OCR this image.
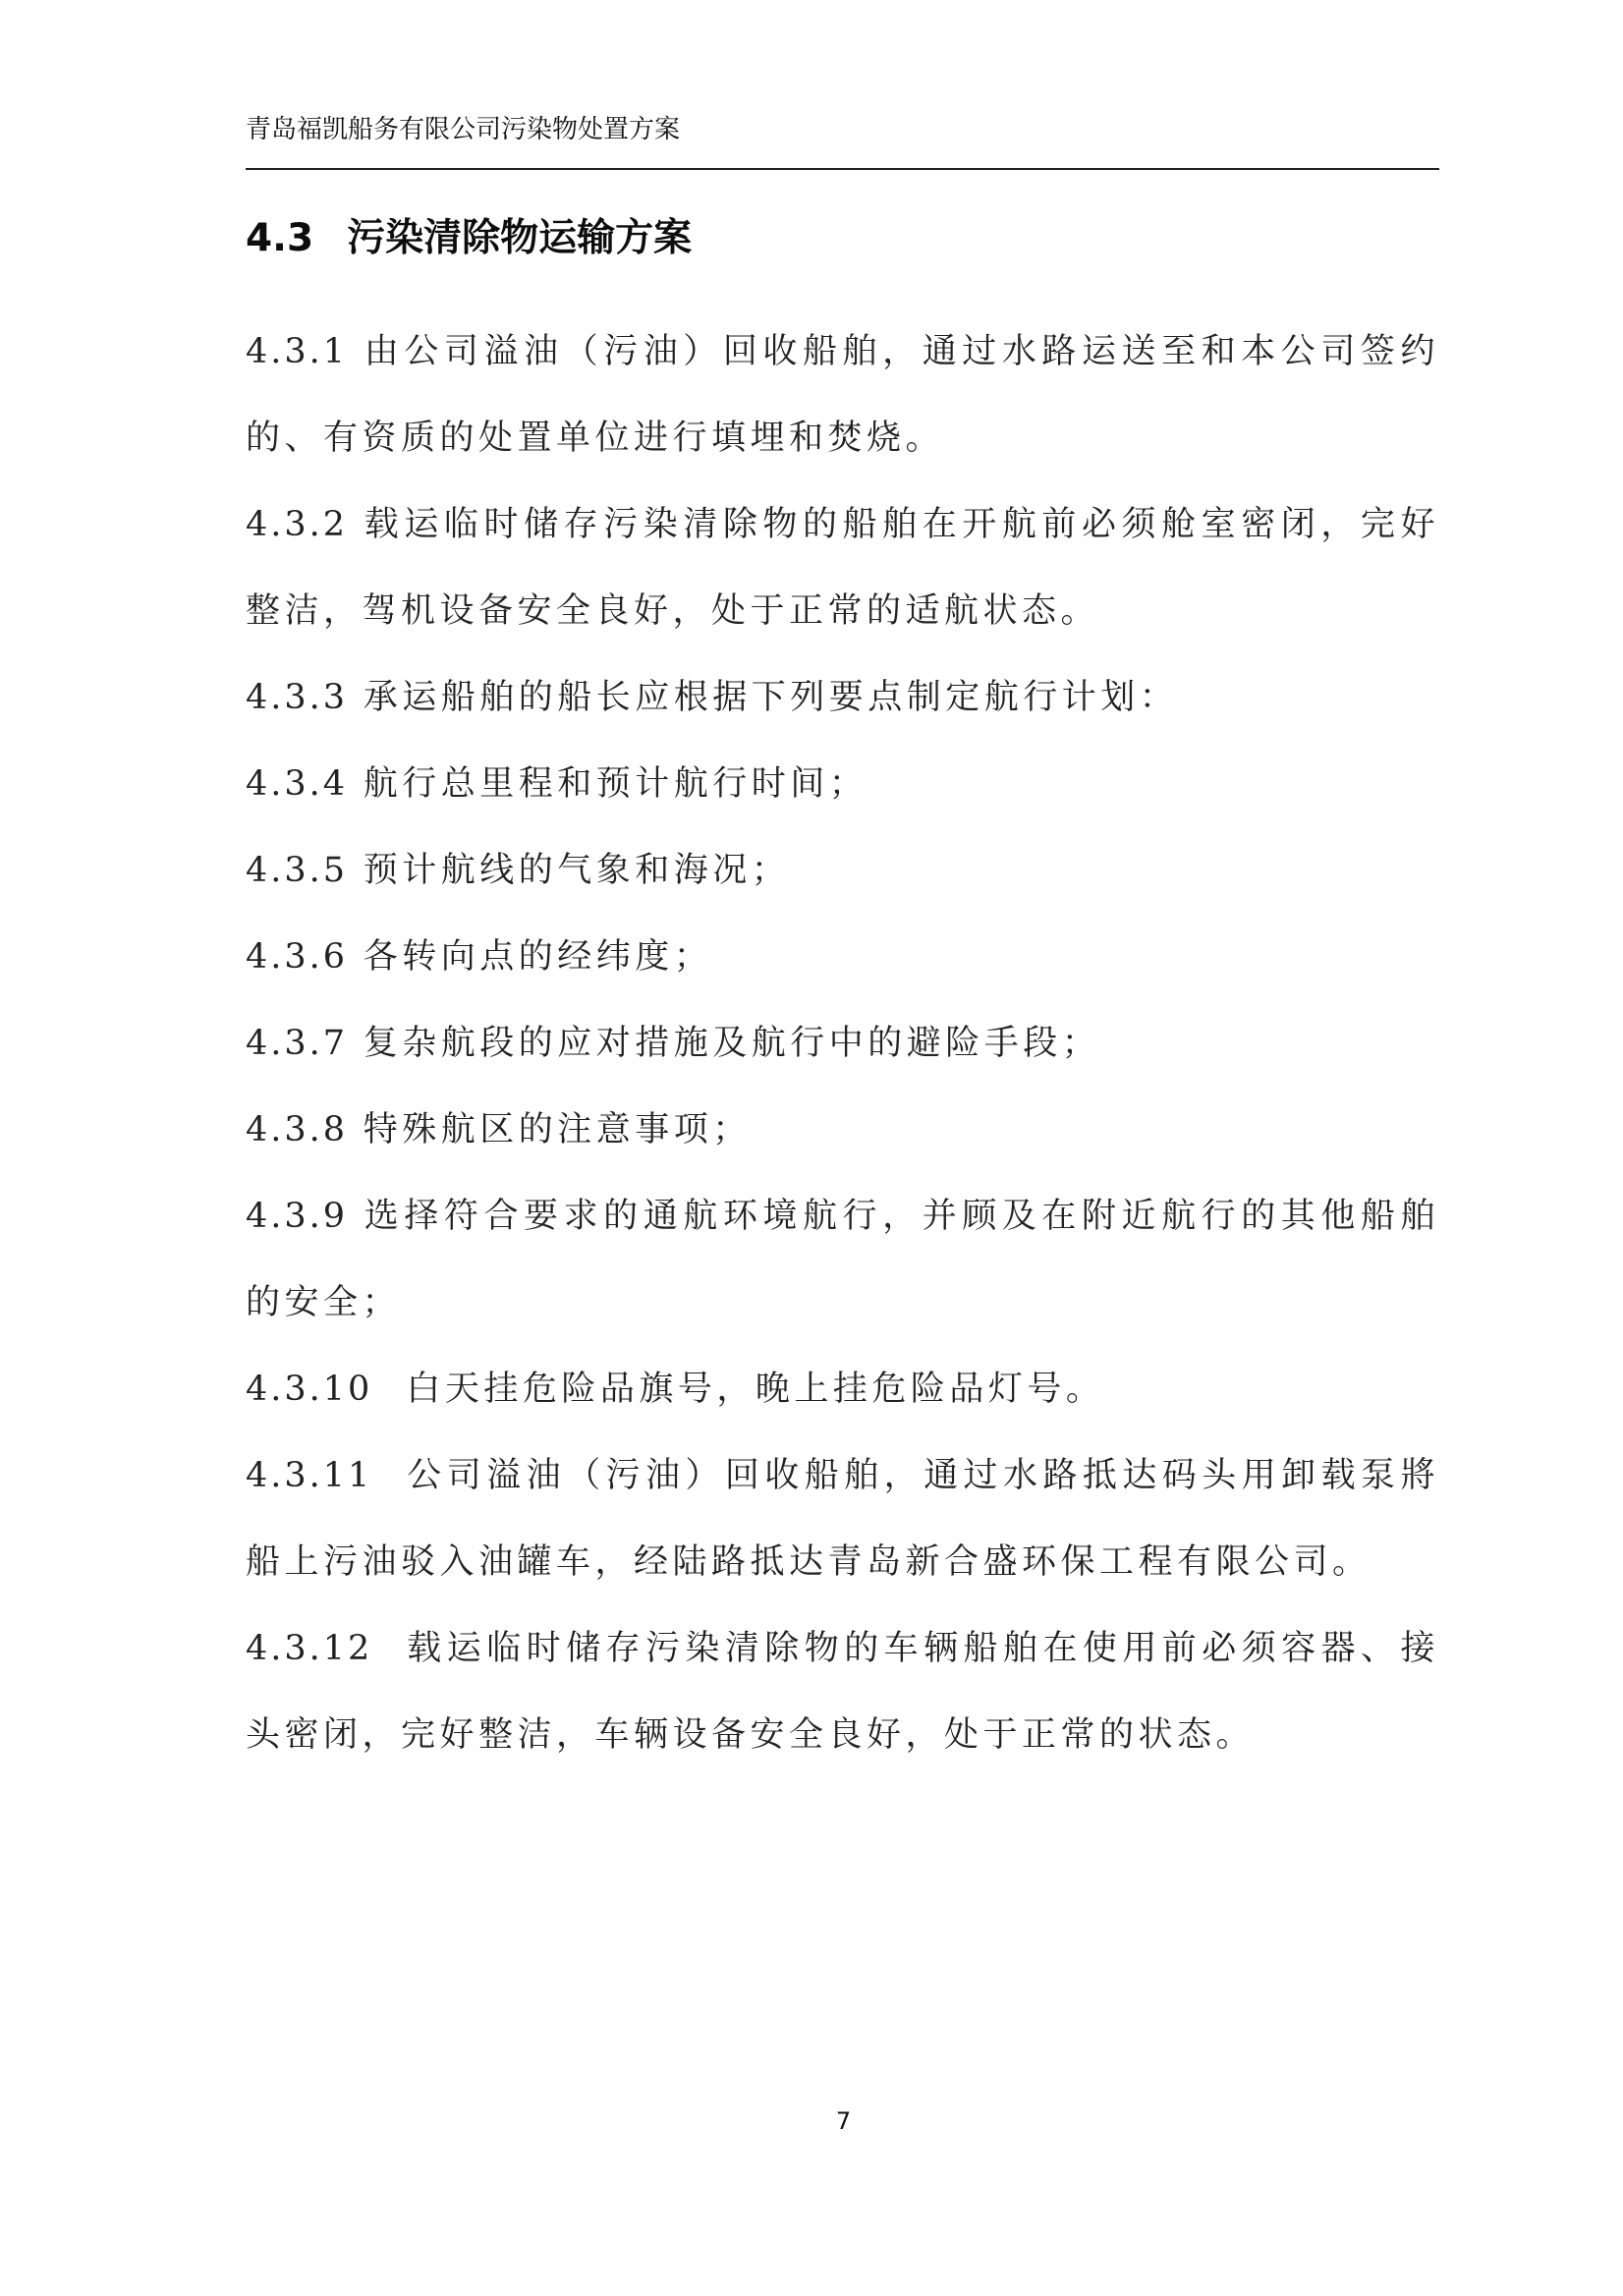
青岛福凯船务有限公司污染物处置方案
4.3 污染清除物运输方案

4.3.1 由公司溢油（污油）回收船舶，通过水路运送至和本公司签约的、有资质的处置单位进行填埋和焚烧。

4.3.2 载运临时储存污染清除物的船舶在开航前必须舱室密闭，完好整洁，驾机设备安全良好，处于正常的适航状态。

4.3.3 承运船舶的船长应根据下列要点制定航行计划：

4.3.4 航行总里程和预计航行时间；

4.3.5 预计航线的气象和海况；

4.3.6 各转向点的经纬度；

4.3.7 复杂航段的应对措施及航行中的避险手段；

4.3.8 特殊航区的注意事项；

4.3.9 选择符合要求的通航环境航行，并顾及在附近航行的其他船舶的安全；

4.3.10 白天挂危险品旗号，晚上挂危险品灯号。

4.3.11 公司溢油（污油）回收船舶，通过水路抵达码头用卸载泵將船上污油驳入油罐车，经陆路抵达青岛新合盛环保工程有限公司。

4.3.12 载运临时储存污染清除物的车辆船舶在使用前必须容器、接头密闭，完好整洁，车辆设备安全良好，处于正常的状态。

7
